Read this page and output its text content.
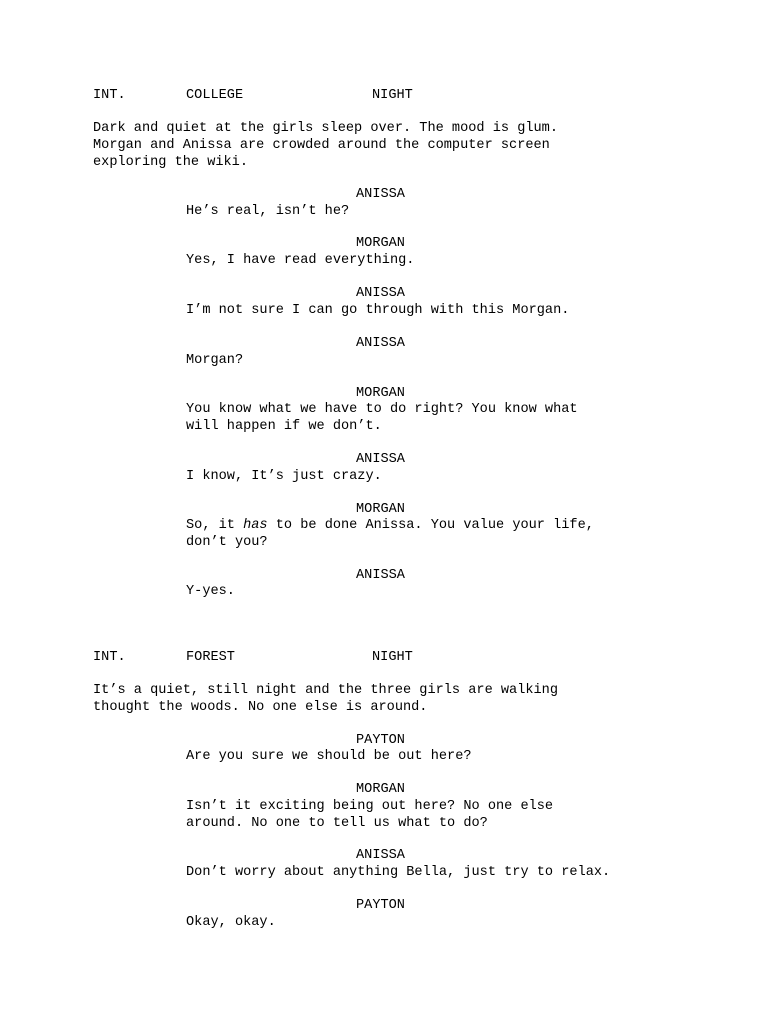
INT.	COLLEGE	NIGHT
Dark and quiet at the girls sleep over. The mood is glum.
Morgan and Anissa are crowded around the computer screen
exploring the wiki.
ANISSA
He’s real, isn’t he?
MORGAN
Yes, I have read everything.
ANISSA
I’m not sure I can go through with this Morgan.
ANISSA
Morgan?
MORGAN
You know what we have to do right? You know what
will happen if we don’t.
ANISSA
I know, It’s just crazy.
MORGAN
So, it has to be done Anissa. You value your life,
don’t you?
ANISSA
Y-yes.
INT.	FOREST	NIGHT
It’s a quiet, still night and the three girls are walking
thought the woods. No one else is around.
PAYTON
Are you sure we should be out here?
MORGAN
Isn’t it exciting being out here? No one else
around. No one to tell us what to do?
ANISSA
Don’t worry about anything Bella, just try to relax.
PAYTON
Okay, okay.
